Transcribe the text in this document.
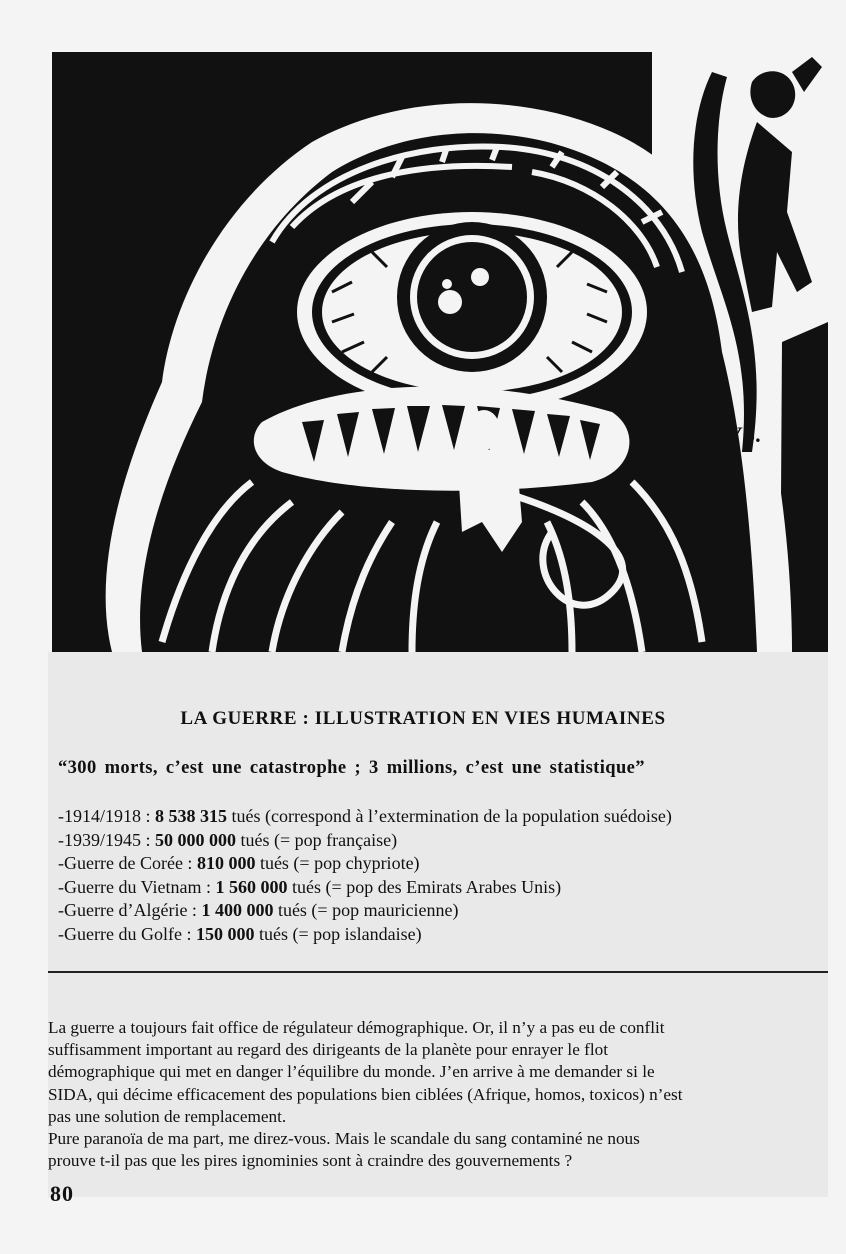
YS.
LA GUERRE : ILLUSTRATION EN VIES HUMAINES
“300 morts, c’est une catastrophe ; 3 millions, c’est une statistique”
-1914/1918 : 8 538 315 tués (correspond à l’extermination de la population suédoise)
-1939/1945 : 50 000 000 tués (= pop française)
-Guerre de Corée : 810 000 tués (= pop chypriote)
-Guerre du Vietnam : 1 560 000 tués (= pop des Emirats Arabes Unis)
-Guerre d’Algérie : 1 400 000 tués (= pop mauricienne)
-Guerre du Golfe : 150 000 tués (= pop islandaise)

La guerre a toujours fait office de régulateur démographique. Or, il n’y a pas eu de conflit
suffisamment important au regard des dirigeants de la planète pour enrayer le flot
démographique qui met en danger l’équilibre du monde. J’en arrive à me demander si le
SIDA, qui décime efficacement des populations bien ciblées (Afrique, homos, toxicos) n’est
pas une solution de remplacement.

Pure paranoïa de ma part, me direz-vous. Mais le scandale du sang contaminé ne nous
prouve t-il pas que les pires ignominies sont à craindre des gouvernements ?

80
